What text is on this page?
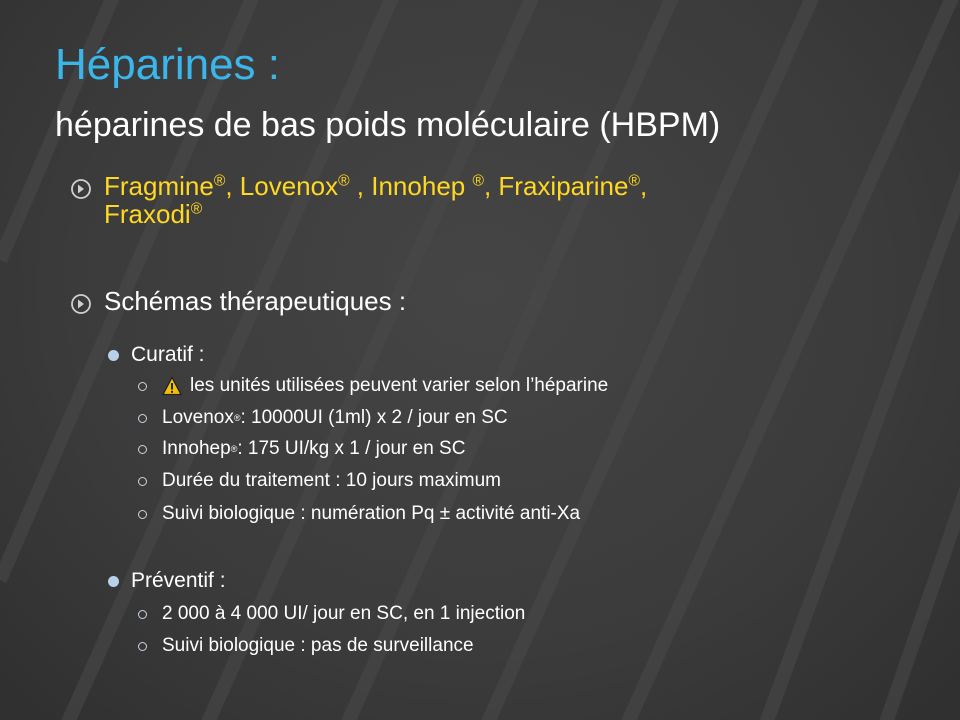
Héparines :
héparines de bas poids moléculaire (HBPM)
Fragmine®, Lovenox® , Innohep ®, Fraxiparine®,
Fraxodi®
Schémas thérapeutiques :
Curatif :
les unités utilisées peuvent varier selon l’héparine
Lovenox ® : 10000UI (1ml) x 2 / jour en SC
Innohep ® : 175 UI/kg x 1 / jour en SC
Durée du traitement : 10 jours maximum
Suivi biologique : numération Pq ± activité anti-Xa
Préventif :
2 000 à 4 000 UI/ jour en SC, en 1 injection
Suivi biologique : pas de surveillance
